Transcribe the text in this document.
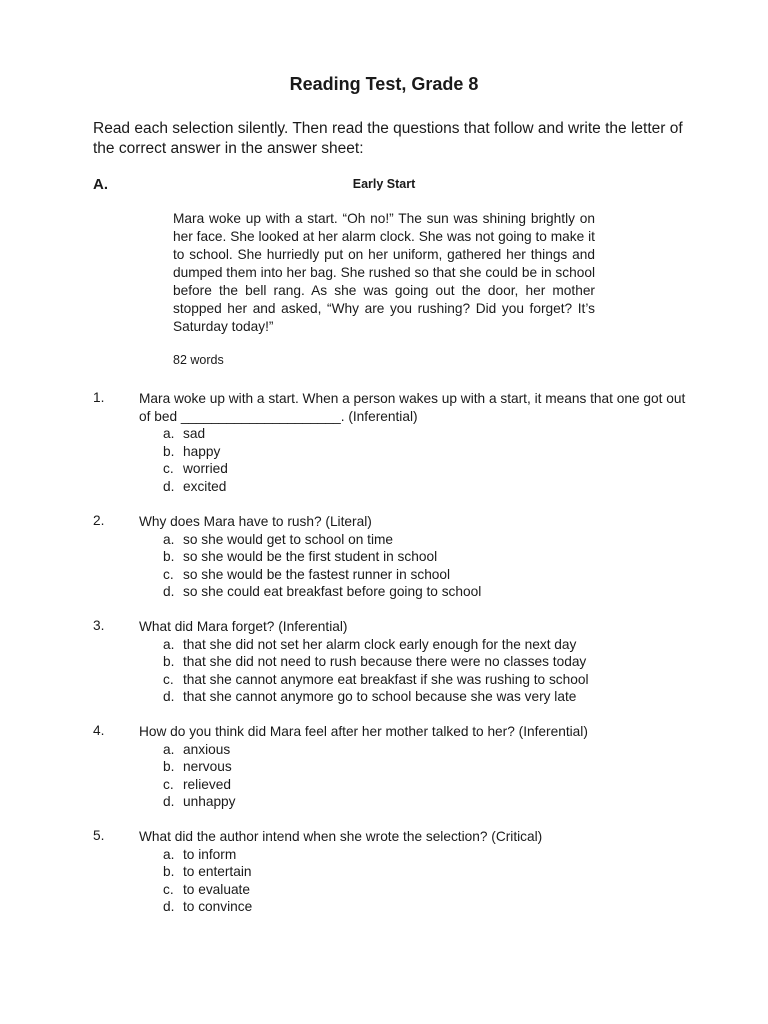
Reading Test, Grade 8
Read each selection silently. Then read the questions that follow and write the letter of the correct answer in the answer sheet:
A.	Early Start
Mara woke up with a start. “Oh no!” The sun was shining brightly on her face. She looked at her alarm clock. She was not going to make it to school. She hurriedly put on her uniform, gathered her things and dumped them into her bag. She rushed so that she could be in school before the bell rang. As she was going out the door, her mother stopped her and asked, “Why are you rushing? Did you forget? It’s Saturday today!”
82 words
1.	Mara woke up with a start. When a person wakes up with a start, it means that one got out of bed _____________________. (Inferential)
a. sad
b. happy
c. worried
d. excited
2.	Why does Mara have to rush? (Literal)
a. so she would get to school on time
b. so she would be the first student in school
c. so she would be the fastest runner in school
d. so she could eat breakfast before going to school
3.	What did Mara forget? (Inferential)
a. that she did not set her alarm clock early enough for the next day
b. that she did not need to rush because there were no classes today
c. that she cannot anymore eat breakfast if she was rushing to school
d. that she cannot anymore go to school because she was very late
4.	How do you think did Mara feel after her mother talked to her? (Inferential)
a. anxious
b. nervous
c. relieved
d. unhappy
5.	What did the author intend when she wrote the selection? (Critical)
a. to inform
b. to entertain
c. to evaluate
d. to convince
